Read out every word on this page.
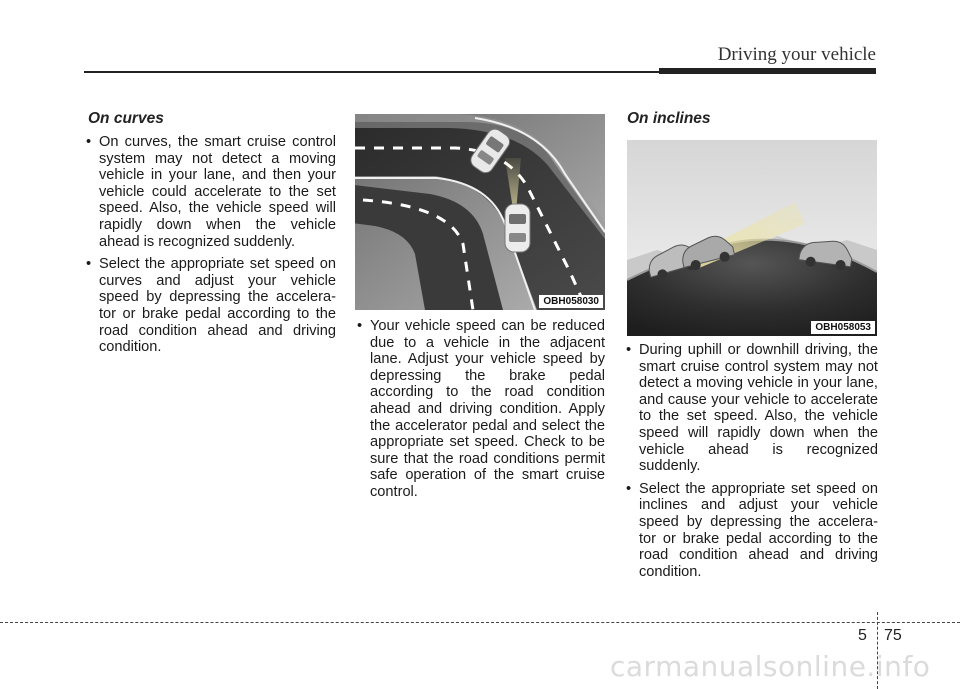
Driving your vehicle
On curves
• On curves, the smart cruise control system may not detect a moving vehicle in your lane, and then your vehicle could accelerate to the set speed. Also, the vehicle speed will rapidly down when the vehicle ahead is recognized suddenly.
• Select the appropriate set speed on curves and adjust your vehicle speed by depressing the accelera-tor or brake pedal according to the road condition ahead and driving condition.
OBH058030
• Your vehicle speed can be reduced due to a vehicle in the adjacent lane. Adjust your vehicle speed by depressing the brake pedal according to the road condition ahead and driving condition. Apply the accelerator pedal and select the appropriate set speed. Check to be sure that the road conditions permit safe operation of the smart cruise control.
On inclines
OBH058053
• During uphill or downhill driving, the smart cruise control system may not detect a moving vehicle in your lane, and cause your vehicle to accelerate to the set speed. Also, the vehicle speed will rapidly down when the vehicle ahead is recognized suddenly.
• Select the appropriate set speed on inclines and adjust your vehicle speed by depressing the accelera-tor or brake pedal according to the road condition ahead and driving condition.
5 75
carmanualsonline.info
